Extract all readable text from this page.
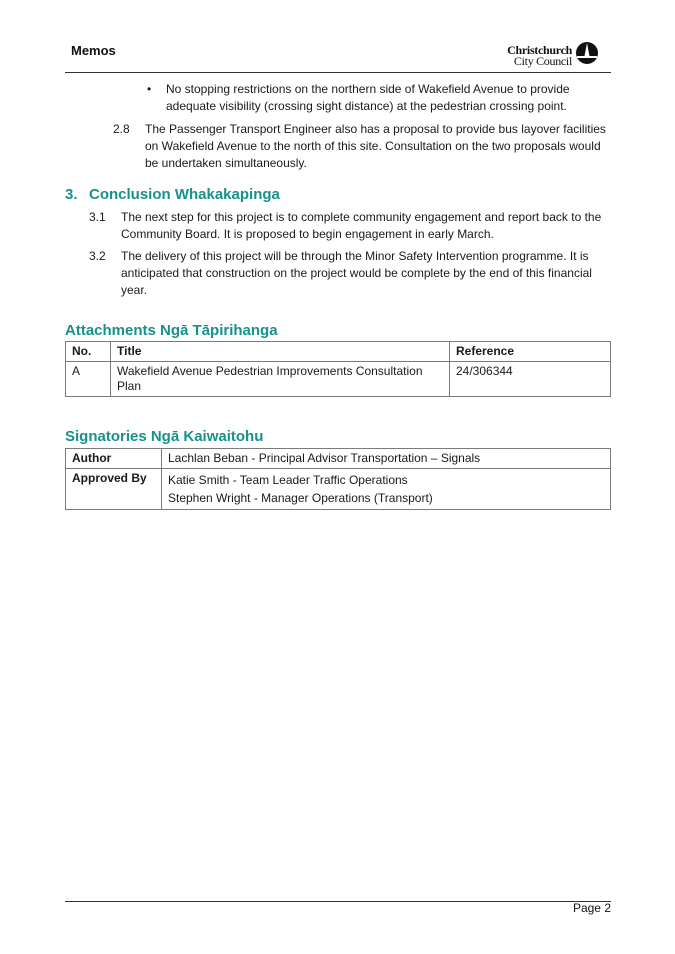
Memos	Christchurch
City Council
• No stopping restrictions on the northern side of Wakefield Avenue to provide adequate visibility (crossing sight distance) at the pedestrian crossing point.
2.8 The Passenger Transport Engineer also has a proposal to provide bus layover facilities on Wakefield Avenue to the north of this site. Consultation on the two proposals would be undertaken simultaneously.
3. Conclusion Whakakapinga
3.1 The next step for this project is to complete community engagement and report back to the Community Board. It is proposed to begin engagement in early March.
3.2 The delivery of this project will be through the Minor Safety Intervention programme. It is anticipated that construction on the project would be complete by the end of this financial year.
Attachments Ngā Tāpirihanga
No.	Title	Reference
A	Wakefield Avenue Pedestrian Improvements Consultation Plan	24/306344
Signatories Ngā Kaiwaitohu
Author	Lachlan Beban - Principal Advisor Transportation – Signals

Approved By	Katie Smith - Team Leader Traffic Operations
Stephen Wright - Manager Operations (Transport)
Page 2
